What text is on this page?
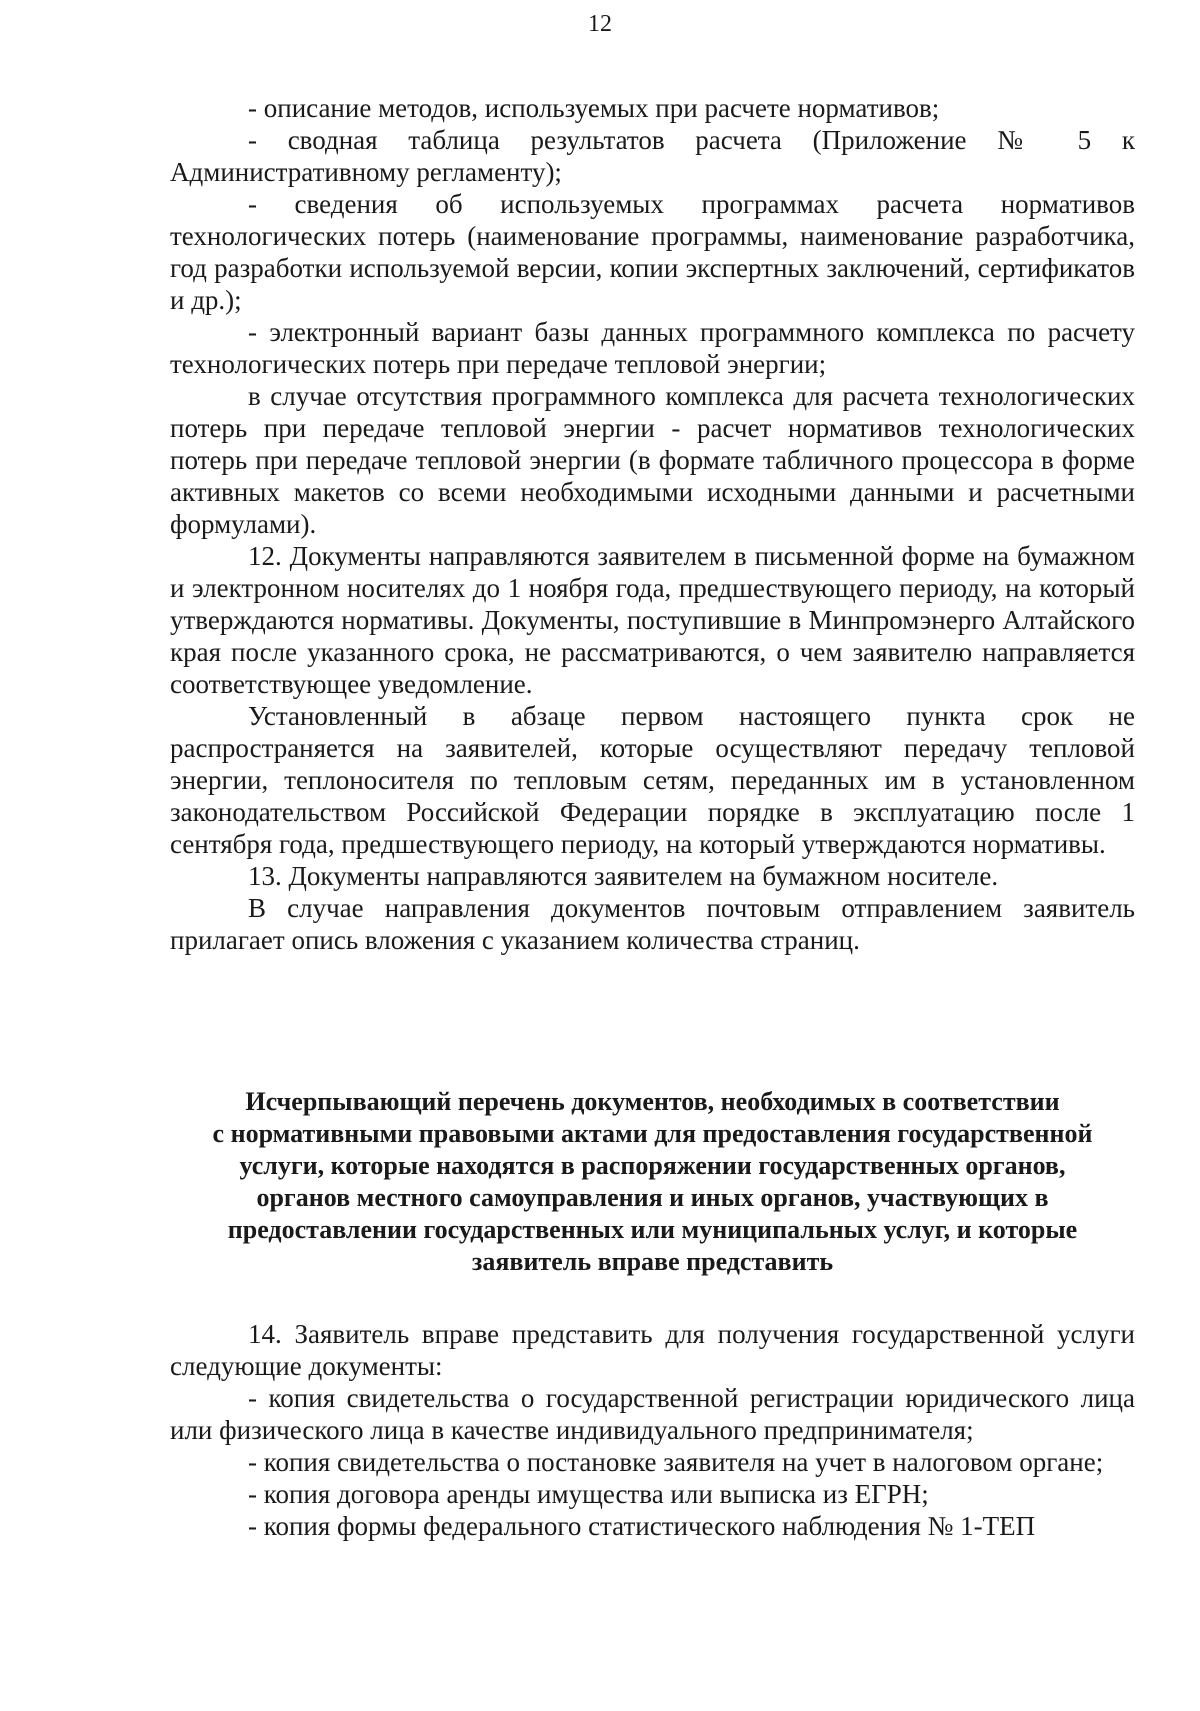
12

- описание методов, используемых при расчете нормативов;

- сводная таблица результатов расчета (Приложение № 5 к Административному регламенту);

- сведения об используемых программах расчета нормативов технологических потерь (наименование программы, наименование разработчика, год разработки используемой версии, копии экспертных заключений, сертификатов и др.);

- электронный вариант базы данных программного комплекса по расчету технологических потерь при передаче тепловой энергии;

в случае отсутствия программного комплекса для расчета технологических потерь при передаче тепловой энергии - расчет нормативов технологических потерь при передаче тепловой энергии (в формате табличного процессора в форме активных макетов со всеми необходимыми исходными данными и расчетными формулами).

12. Документы направляются заявителем в письменной форме на бумажном и электронном носителях до 1 ноября года, предшествующего периоду, на который утверждаются нормативы. Документы, поступившие в Минпромэнерго Алтайского края после указанного срока, не рассматриваются, о чем заявителю направляется соответствующее уведомление.

Установленный в абзаце первом настоящего пункта срок не распространяется на заявителей, которые осуществляют передачу тепловой энергии, теплоносителя по тепловым сетям, переданных им в установленном законодательством Российской Федерации порядке в эксплуатацию после 1 сентября года, предшествующего периоду, на который утверждаются нормативы.

13. Документы направляются заявителем на бумажном носителе.

В случае направления документов почтовым отправлением заявитель прилагает опись вложения с указанием количества страниц.

Исчерпывающий перечень документов, необходимых в соответствии
с нормативными правовыми актами для предоставления государственной
услуги, которые находятся в распоряжении государственных органов,
органов местного самоуправления и иных органов, участвующих в
предоставлении государственных или муниципальных услуг, и которые
заявитель вправе представить

14. Заявитель вправе представить для получения государственной услуги следующие документы:

- копия свидетельства о государственной регистрации юридического лица или физического лица в качестве индивидуального предпринимателя;

- копия свидетельства о постановке заявителя на учет в налоговом органе;

- копия договора аренды имущества или выписка из ЕГРН;

- копия формы федерального статистического наблюдения № 1-ТЕП
